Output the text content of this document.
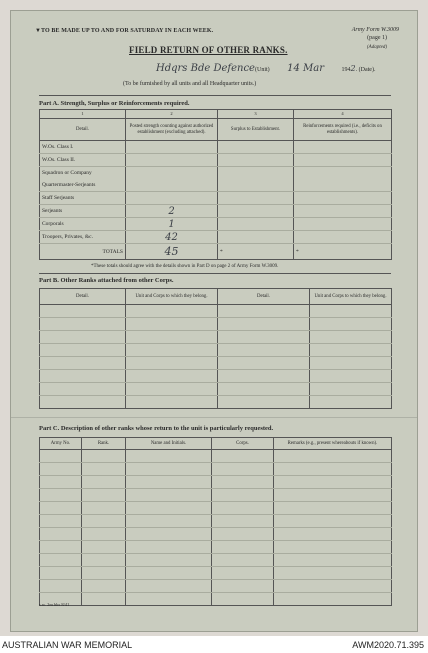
▼TO BE MADE UP TO AND FOR SATURDAY IN EACH WEEK.	Army Form W.3009
(page 1)
(Adapted)
FIELD RETURN OF OTHER RANKS.
Hdqrs Bde Defence(Unit) 14 Mar	1942. (Date).
(To be furnished by all units and all Headquarter units.)
Part A. Strength, Surplus or Reinforcements required.
1	2	3	4
Detail.	Posted strength counting against authorized establishment (excluding attached).	Surplus to Establishment.	Reinforcements required (i.e., deficits on establishments).
W.Os. Class I.			
W.Os. Class II.			
Squadron or Company			
Quartermaster-Serjeants			
Staff Serjeants			
Serjeants	2		
Corporals	1		
Troopers, Privates, &c.	42		
TOTALS	45	*	*
*These totals should agree with the details shown in Part D on page 2 of Army Form W.3009.
Part B. Other Ranks attached from other Corps.
Detail.	Unit and Corps to which they belong.	Detail.	Unit and Corps to which they belong.

Part C. Description of other ranks whose return to the unit is particularly requested.
Army No.	Rank.	Name and Initials.	Corps.	Remarks (e.g., present whereabouts if known).

s.w. 2m bks 8/41
AUSTRALIAN WAR MEMORIAL	AWM2020.71.395
